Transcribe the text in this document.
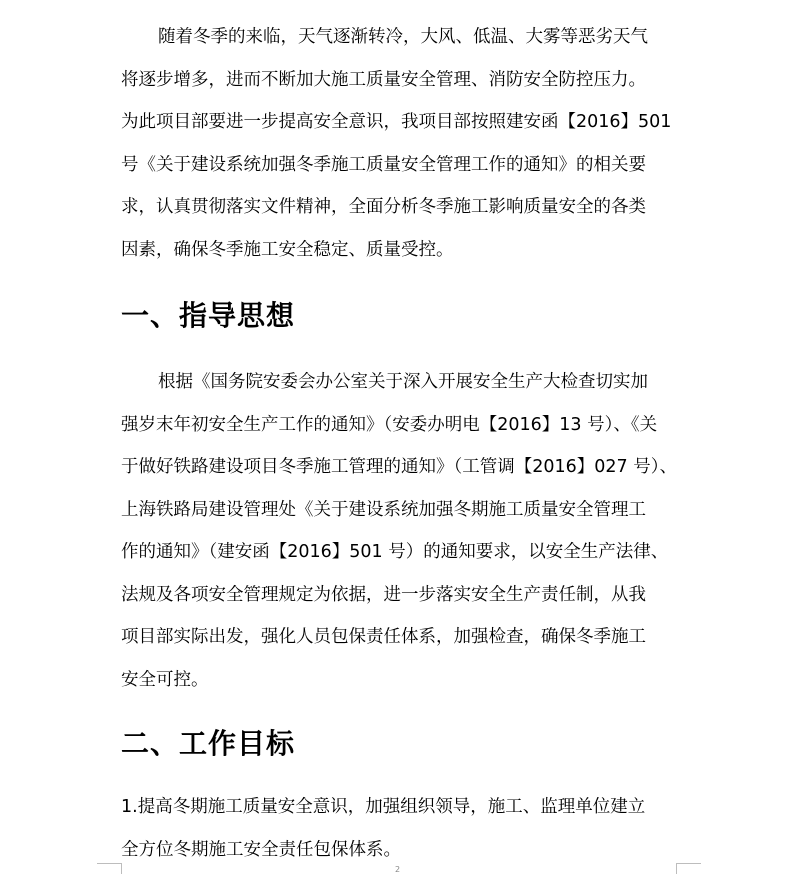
随着冬季的来临，天气逐渐转冷，大风、低温、大雾等恶劣天气
将逐步增多，进而不断加大施工质量安全管理、消防安全防控压力。
为此项目部要进一步提高安全意识，我项目部按照建安函【2016】501
号《关于建设系统加强冬季施工质量安全管理工作的通知》的相关要
求，认真贯彻落实文件精神，全面分析冬季施工影响质量安全的各类
因素，确保冬季施工安全稳定、质量受控。
一、指导思想
根据《国务院安委会办公室关于深入开展安全生产大检查切实加
强岁末年初安全生产工作的通知》（安委办明电【2016】13 号）、《关
于做好铁路建设项目冬季施工管理的通知》（工管调【2016】027 号）、
上海铁路局建设管理处《关于建设系统加强冬期施工质量安全管理工
作的通知》（建安函【2016】501 号）的通知要求，以安全生产法律、
法规及各项安全管理规定为依据，进一步落实安全生产责任制，从我
项目部实际出发，强化人员包保责任体系，加强检查，确保冬季施工
安全可控。
二、工作目标
1.提高冬期施工质量安全意识，加强组织领导，施工、监理单位建立
全方位冬期施工安全责任包保体系。
2
